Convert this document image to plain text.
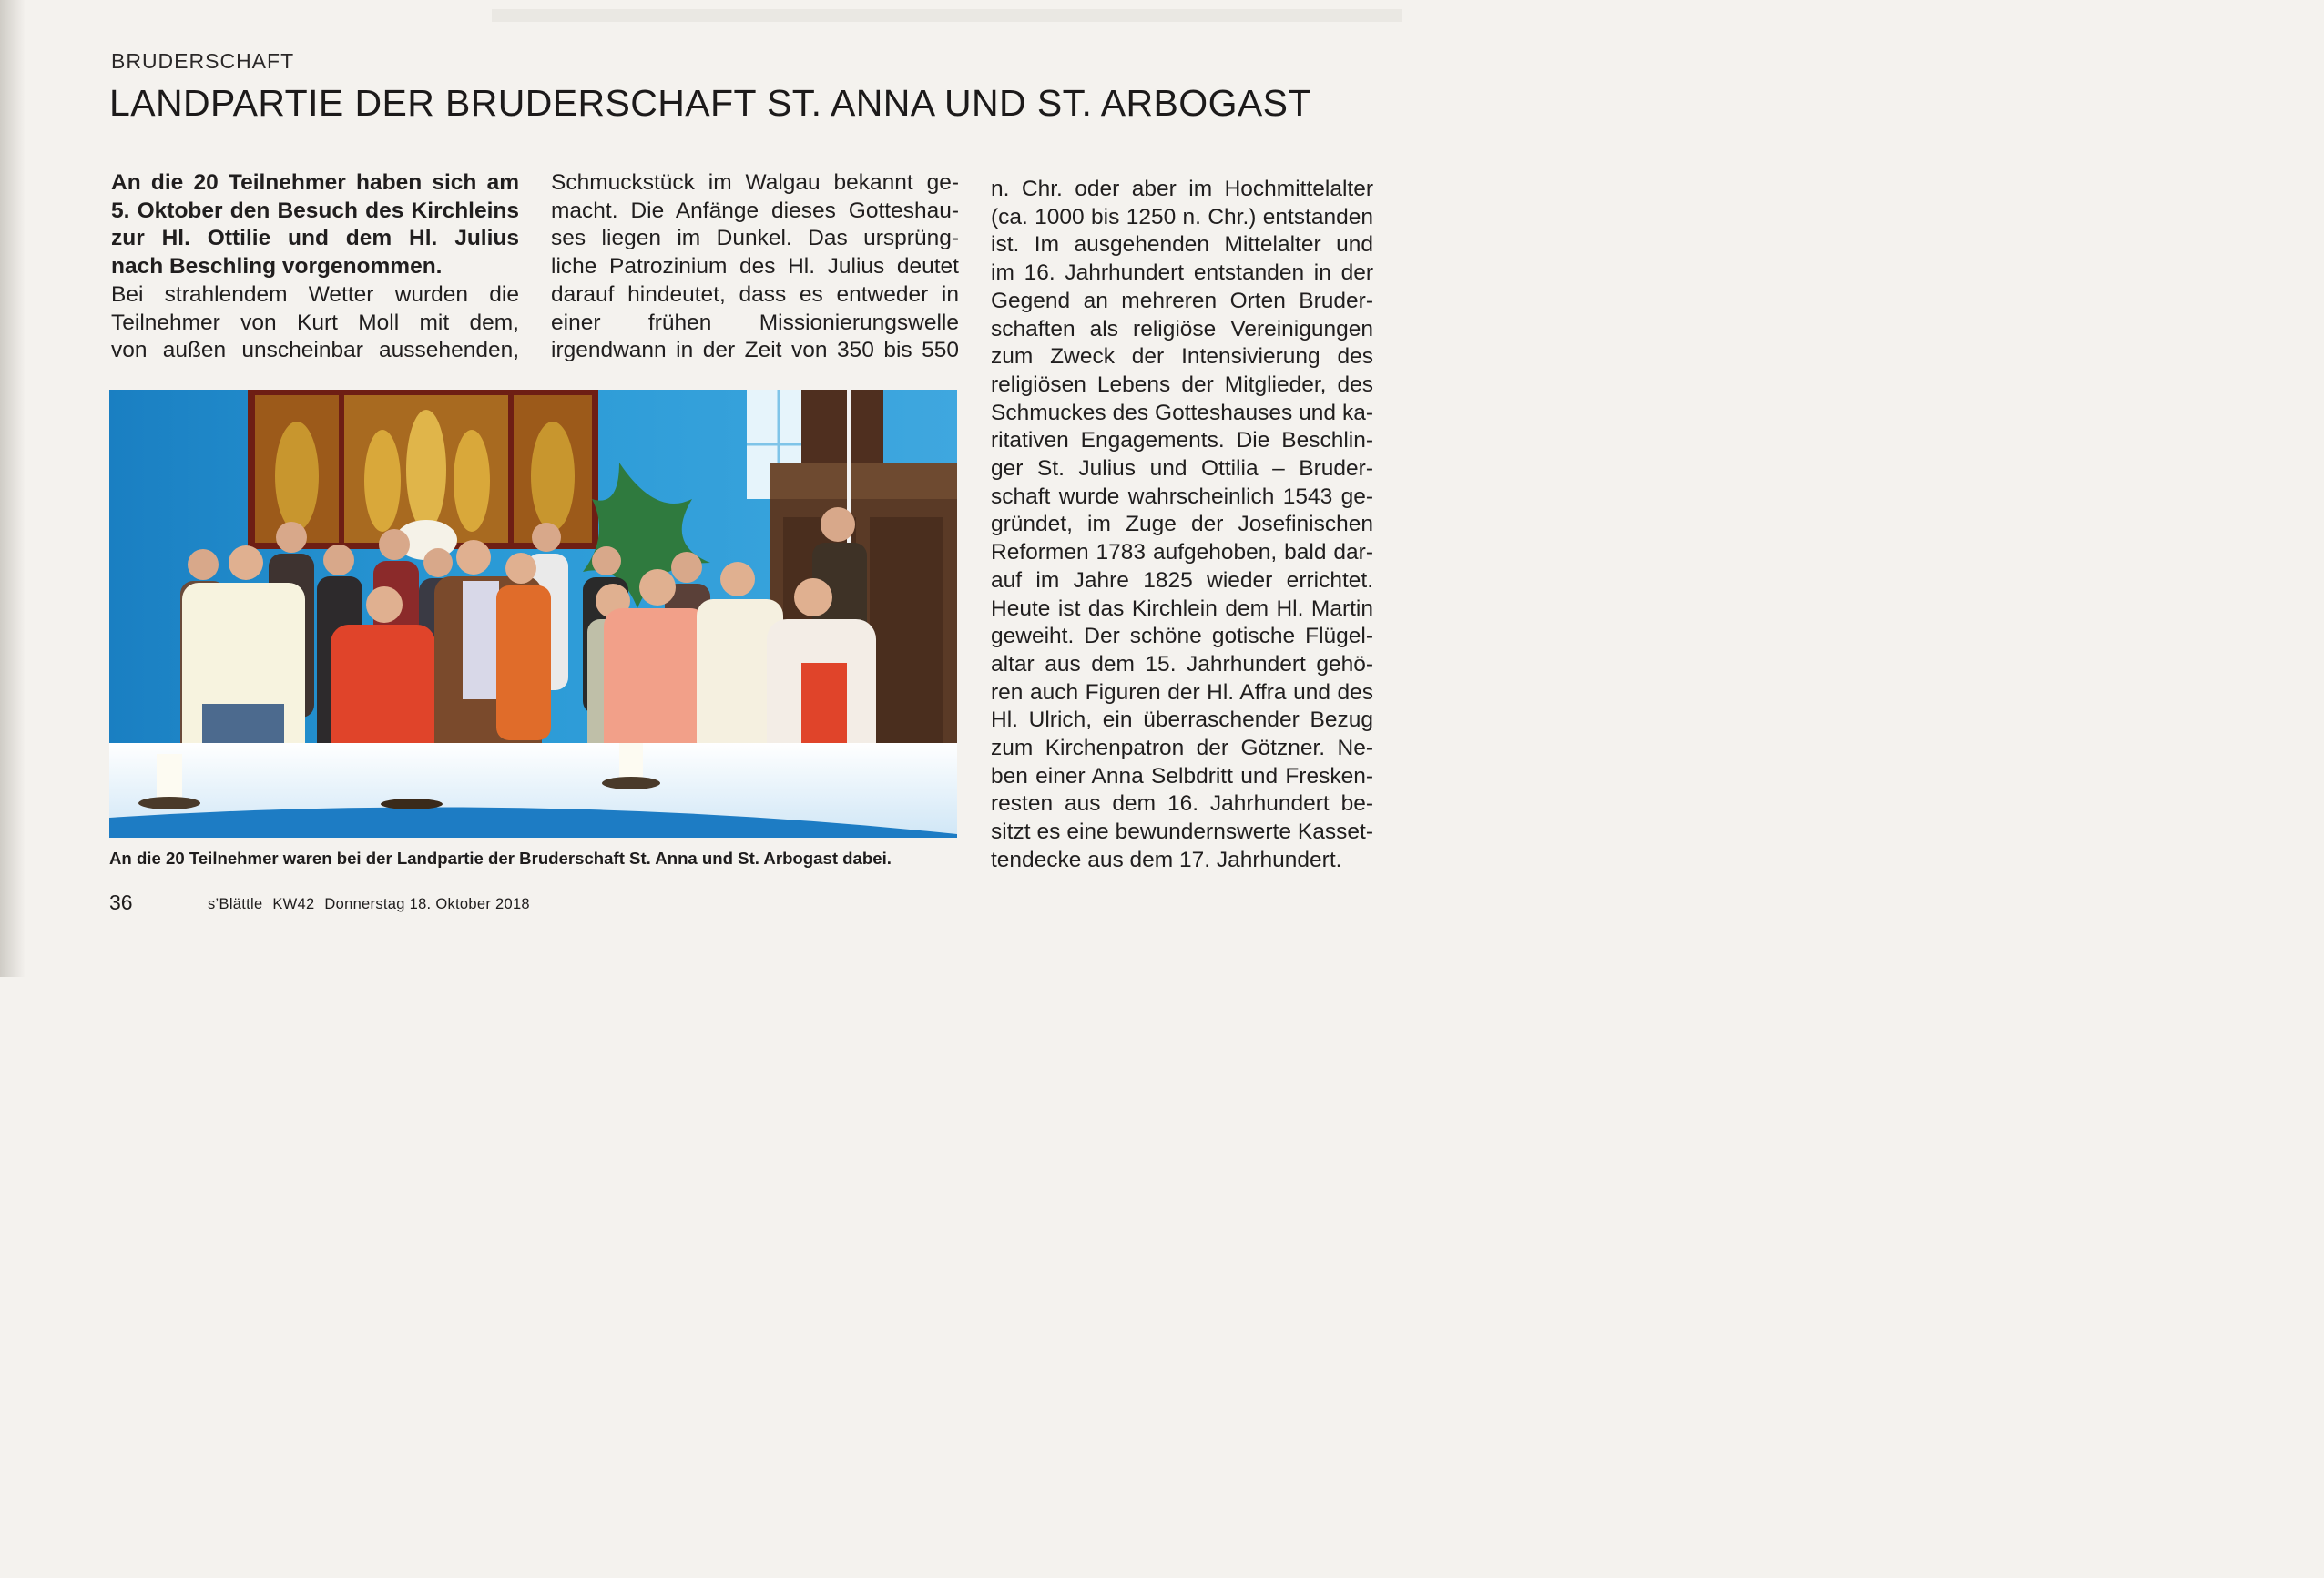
BRUDERSCHAFT
LANDPARTIE DER BRUDERSCHAFT ST. ANNA UND ST. ARBOGAST

An die 20 Teilnehmer haben sich am

5. Oktober den Besuch des Kirchleins

zur Hl. Ottilie und dem Hl. Julius

nach Beschling vorgenommen.

Bei strahlendem Wetter wurden die

Teilnehmer von Kurt Moll mit dem,

von außen unscheinbar aussehenden,

Schmuckstück im Walgau bekannt ge-

macht. Die Anfänge dieses Gotteshau-

ses liegen im Dunkel. Das ursprüng-

liche Patrozinium des Hl. Julius deutet

darauf hindeutet, dass es entweder in

einer frühen Missionierungswelle

irgendwann in der Zeit von 350 bis 550

n. Chr. oder aber im Hochmittelalter

(ca. 1000 bis 1250 n. Chr.) entstanden

ist. Im ausgehenden Mittelalter und

im 16. Jahrhundert entstanden in der

Gegend an mehreren Orten Bruder-

schaften als religiöse Vereinigungen

zum Zweck der Intensivierung des

religiösen Lebens der Mitglieder, des

Schmuckes des Gotteshauses und ka-

ritativen Engagements. Die Beschlin-

ger St. Julius und Ottilia – Bruder-

schaft wurde wahrscheinlich 1543 ge-

gründet, im Zuge der Josefinischen

Reformen 1783 aufgehoben, bald dar-

auf im Jahre 1825 wieder errichtet.

Heute ist das Kirchlein dem Hl. Martin

geweiht. Der schöne gotische Flügel-

altar aus dem 15. Jahrhundert gehö-

ren auch Figuren der Hl. Affra und des

Hl. Ulrich, ein überraschender Bezug

zum Kirchenpatron der Götzner. Ne-

ben einer Anna Selbdritt und Fresken-

resten aus dem 16. Jahrhundert be-

sitzt es eine bewundernswerte Kasset-

tendecke aus dem 17. Jahrhundert.

An die 20 Teilnehmer waren bei der Landpartie der Bruderschaft St. Anna und St. Arbogast dabei.
36	s’Blättle KW42 Donnerstag 18. Oktober 2018
